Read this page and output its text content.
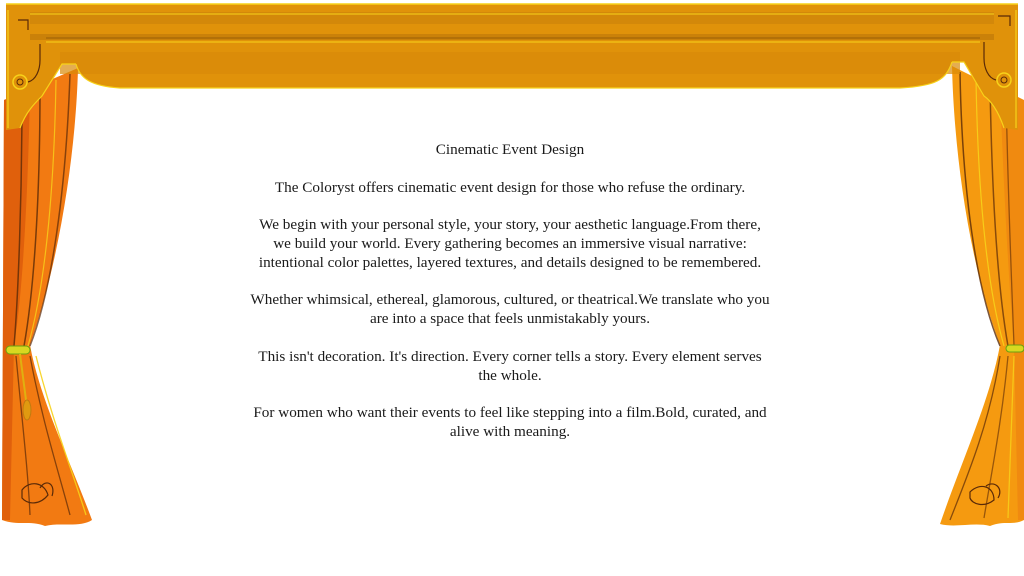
Cinematic Event Design

The Coloryst offers cinematic event design for those who refuse the ordinary.

We begin with your personal style, your story, your aesthetic language.From there, we build your world. Every gathering becomes an immersive visual narrative: intentional color palettes, layered textures, and details designed to be remembered.

Whether whimsical, ethereal, glamorous, cultured, or theatrical.We translate who you are into a space that feels unmistakably yours.

This isn't decoration. It's direction. Every corner tells a story. Every element serves the whole.

For women who want their events to feel like stepping into a film.Bold, curated, and alive with meaning.
